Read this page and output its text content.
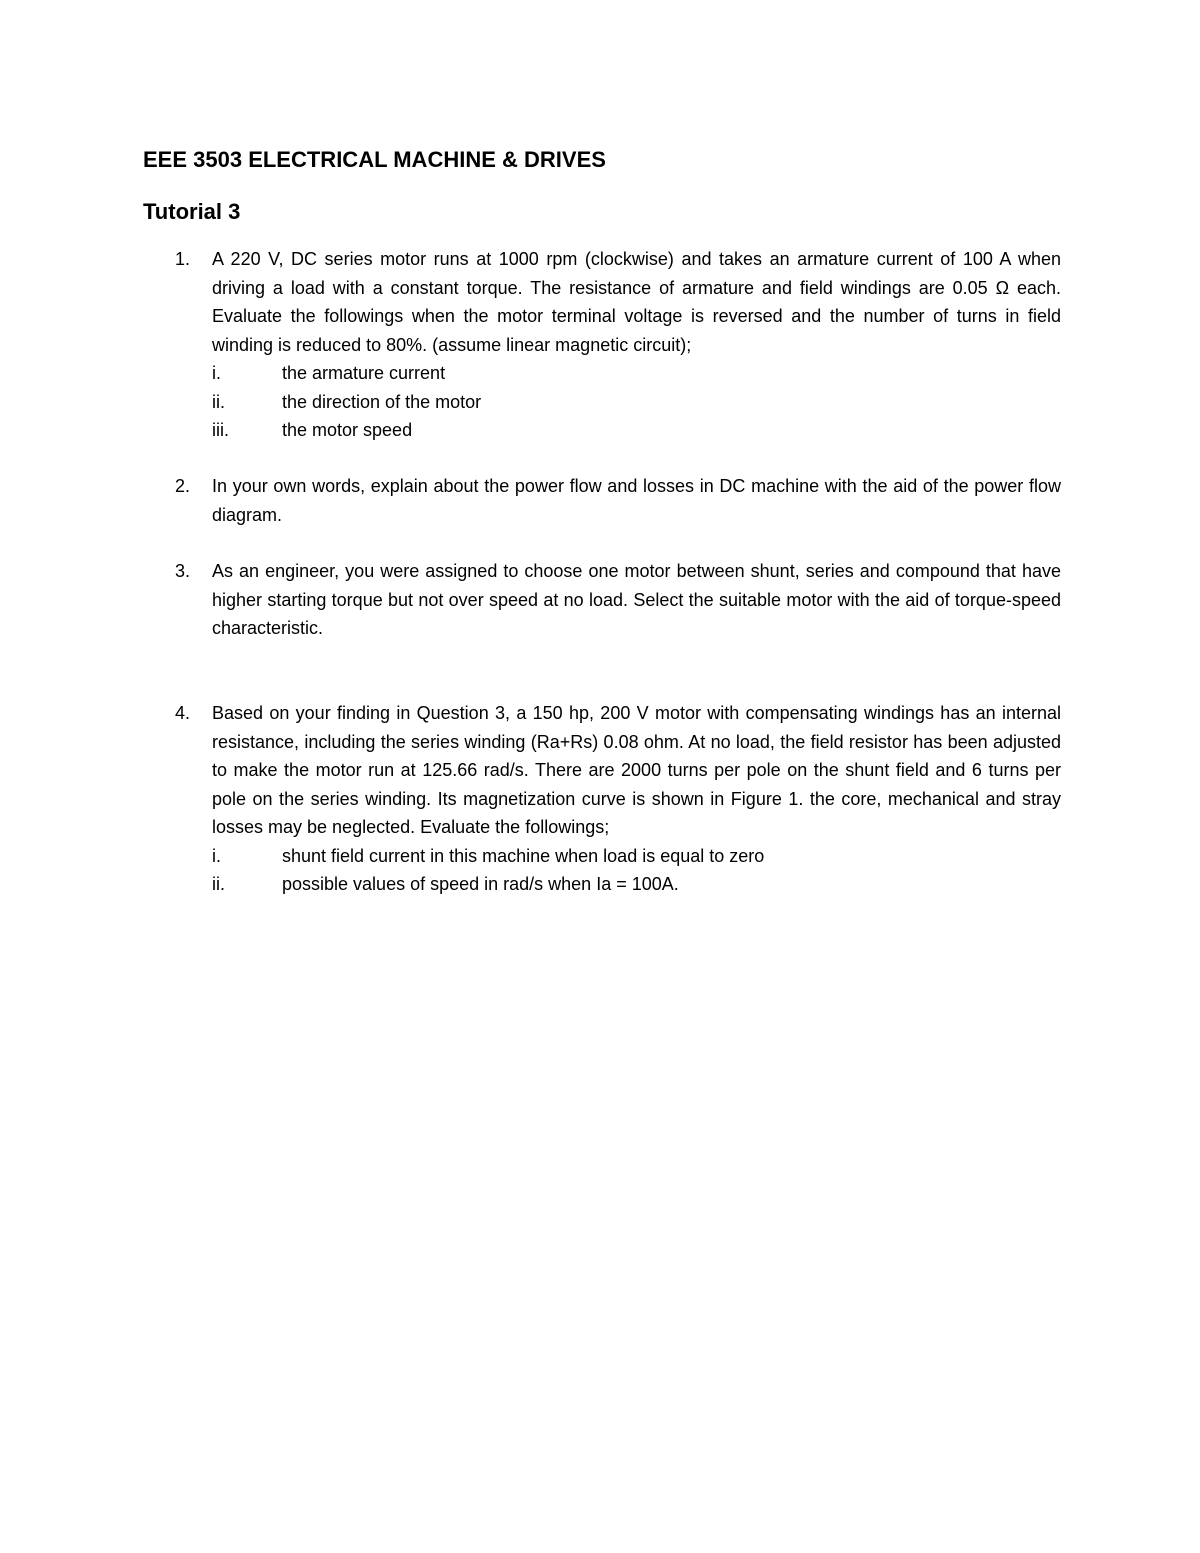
EEE 3503 ELECTRICAL MACHINE & DRIVES
Tutorial 3
1. A 220 V, DC series motor runs at 1000 rpm (clockwise) and takes an armature current of 100 A when driving a load with a constant torque. The resistance of armature and field windings are 0.05 Ω each. Evaluate the followings when the motor terminal voltage is reversed and the number of turns in field winding is reduced to 80%. (assume linear magnetic circuit);
i.	the armature current
ii.	the direction of the motor
iii.	the motor speed
2. In your own words, explain about the power flow and losses in DC machine with the aid of the power flow diagram.
3. As an engineer, you were assigned to choose one motor between shunt, series and compound that have higher starting torque but not over speed at no load. Select the suitable motor with the aid of torque-speed characteristic.
4. Based on your finding in Question 3, a 150 hp, 200 V motor with compensating windings has an internal resistance, including the series winding (Ra+Rs) 0.08 ohm. At no load, the field resistor has been adjusted to make the motor run at 125.66 rad/s. There are 2000 turns per pole on the shunt field and 6 turns per pole on the series winding. Its magnetization curve is shown in Figure 1. the core, mechanical and stray losses may be neglected. Evaluate the followings;
i.	shunt field current in this machine when load is equal to zero
ii.	possible values of speed in rad/s when Ia = 100A.
